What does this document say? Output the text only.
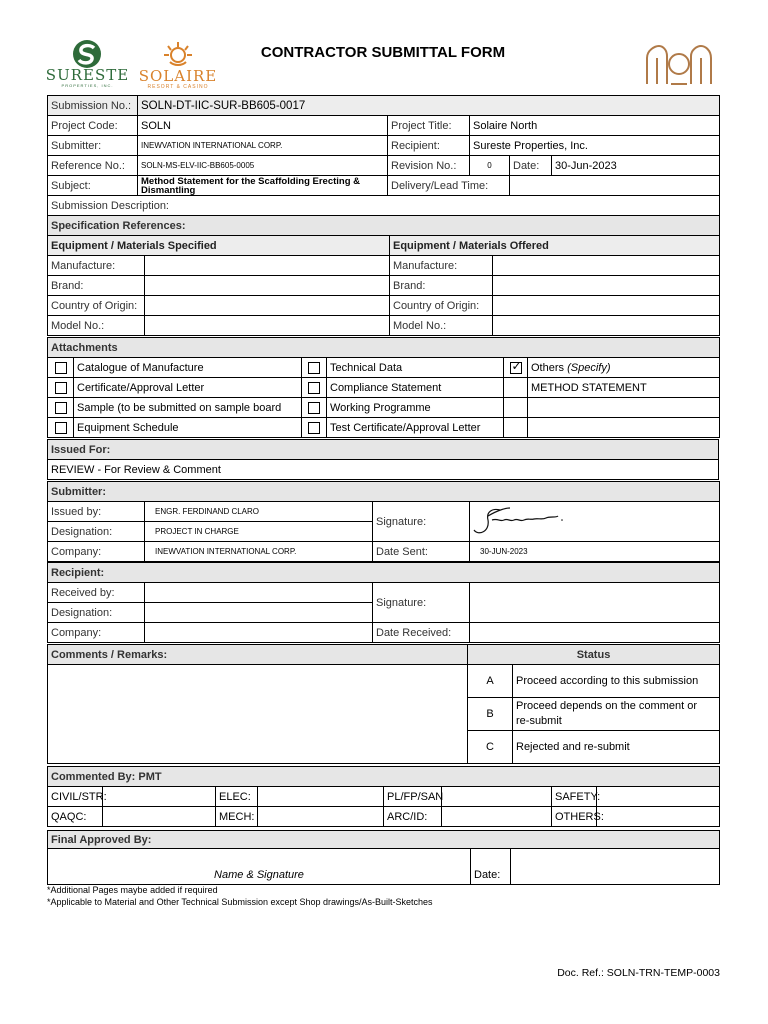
SURESTE
PROPERTIES, INC.
SOLAIRE
RESORT & CASINO
CONTRACTOR SUBMITTAL FORM
Submission No.:	SOLN-DT-IIC-SUR-BB605-0017				
Project Code:	SOLN	Project Title:	Solaire North		
Submitter:	INEWVATION INTERNATIONAL CORP.	Recipient:	Sureste Properties, Inc.		
Reference No.:	SOLN-MS-ELV-IIC-BB605-0005	Revision No.:	0	Date:	30-Jun-2023
Subject:	Method Statement for the Scaffolding Erecting & Dismantling	Delivery/Lead Time:			
Submission Description:					
Specification References:			
Equipment / Materials Specified		Equipment / Materials Offered	
Manufacture:		Manufacture:	
Brand:		Brand:	
Country of Origin:		Country of Origin:	
Model No.:		Model No.:	
Attachments					
	Catalogue of Manufacture		Technical Data	✓	Others (Specify)
	Certificate/Approval Letter		Compliance Statement		METHOD STATEMENT
	Sample (to be submitted on sample board		Working Programme		
	Equipment Schedule		Test Certificate/Approval Letter		
Issued For:
REVIEW - For Review & Comment
Submitter:			
Issued by:	ENGR. FERDINAND CLARO	Signature:	

Designation:	PROJECT IN CHARGE		
Company:	INEWVATION INTERNATIONAL CORP.	Date Sent:	30-JUN-2023
Recipient:			
Received by:		Signature:	
Designation:			
Company:		Date Received:	
Comments / Remarks:	Status	
	A	Proceed according to this submission
	B	Proceed depends on the comment or
re-submit
	C	Rejected and re-submit
Commented By: PMT							
CIVIL/STR:		ELEC:		PL/FP/SAN		SAFETY:	
QAQC:		MECH:		ARC/ID:		OTHERS:	
Final Approved By:
Name & Signature	Date:	
*Additional Pages maybe added if required
*Applicable to Material and Other Technical Submission except Shop drawings/As-Built-Sketches
Doc. Ref.: SOLN-TRN-TEMP-0003
